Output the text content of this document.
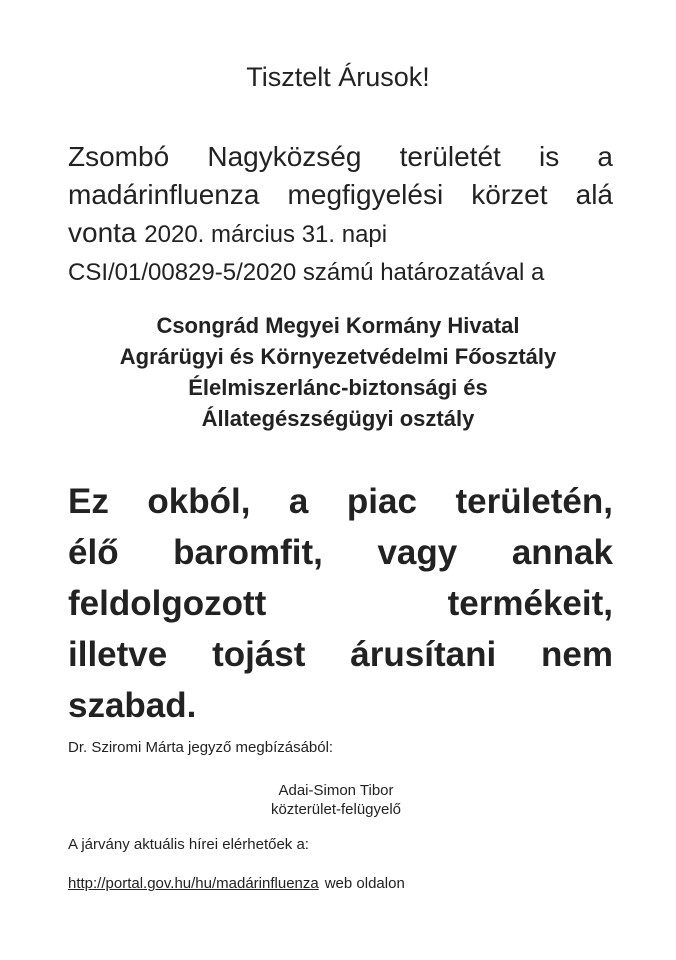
Tisztelt Árusok!
Zsombó Nagyközség területét is a
madárinfluenza megfigyelési körzet alá
vonta 2020. március 31. napi
CSI/01/00829-5/2020 számú határozatával a
Csongrád Megyei Kormány Hivatal
Agrárügyi és Környezetvédelmi Főosztály
Élelmiszerlánc-biztonsági és
Állategészségügyi osztály
Ez okból, a piac területén,
élő baromfit, vagy annak
feldolgozott termékeit,
illetve tojást árusítani nem
szabad.
Dr. Sziromi Márta jegyző megbízásából:
Adai-Simon Tibor
közterület-felügyelő
A járvány aktuális hírei elérhetőek a:
http://portal.gov.hu/hu/madárinfluenza web oldalon
